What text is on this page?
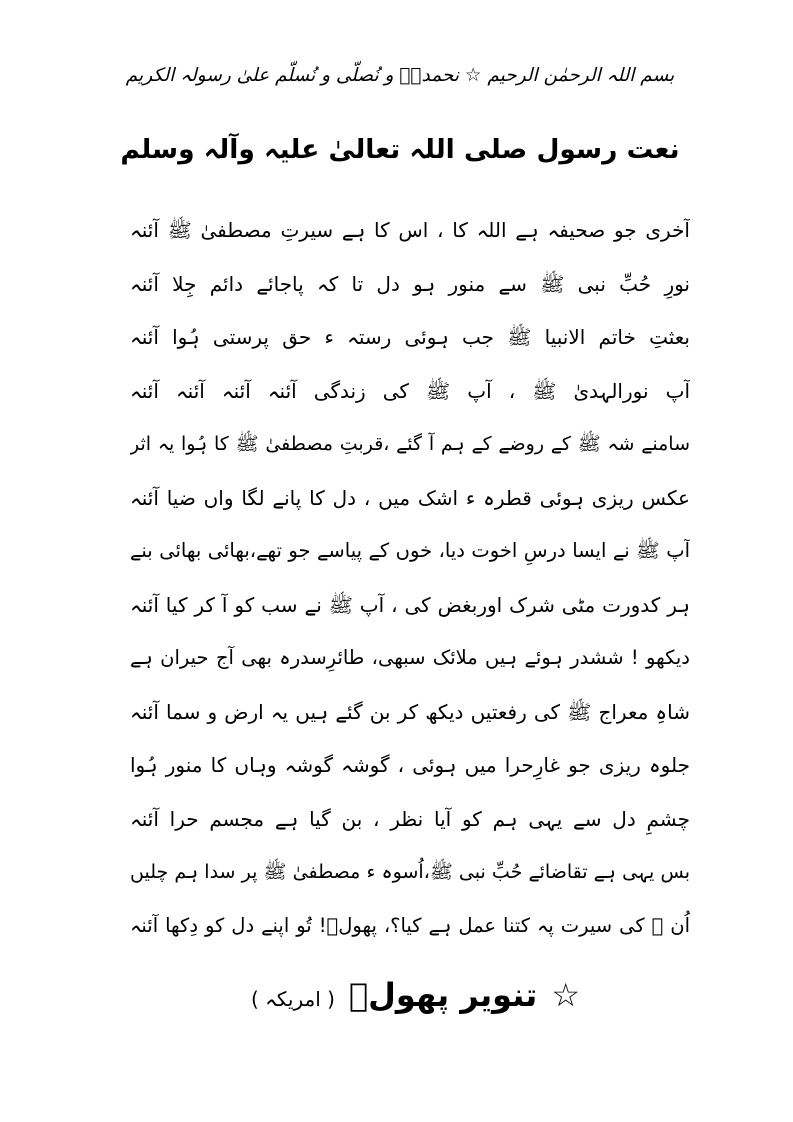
بسم اللہ الرحمٰن الرحیم ☆ نحمدہٗ و نُصلّی و نُسلّم علیٰ رسولہ الکریم
نعت رسول صلی اللہ تعالیٰ علیہ وآلہ وسلم
آخری جو صحیفہ ہے اللہ کا ، اس کا ہے سیرتِ مصطفیٰ ﷺ آئنہ
نورِ حُبِّ نبی ﷺ سے منور ہو دل تا کہ پاجائے دائم جِلا آئنہ
بعثتِ خاتم الانبیا ﷺ جب ہوئی رستہ ء حق پرستی ہُوا آئنہ
آپ نورالہدیٰ ﷺ ، آپ ﷺ کی زندگی آئنہ آئنہ آئنہ آئنہ
سامنے شہ ﷺ کے روضے کے ہم آ گئے ،قربتِ مصطفیٰ ﷺ کا ہُوا یہ اثر
عکس ریزی ہوئی قطرہ ء اشک میں ، دل کا پانے لگا واں ضیا آئنہ
آپ ﷺ نے ایسا درسِ اخوت دیا، خوں کے پیاسے جو تھے،بھائی بھائی بنے
ہر کدورت مٹی شرک اوربغض کی ، آپ ﷺ نے سب کو آ کر کیا آئنہ
دیکھو ! ششدر ہوئے ہیں ملائک سبھی، طائرِسدرہ بھی آج حیران ہے
شاہِ معراج ﷺ کی رفعتیں دیکھ کر بن گئے ہیں یہ ارض و سما آئنہ
جلوہ ریزی جو غارِحرا میں ہوئی ، گوشہ گوشہ وہاں کا منور ہُوا
چشمِ دل سے یہی ہم کو آیا نظر ، بن گیا ہے مجسم حرا آئنہ
بس یہی ہے تقاضائے حُبِّ نبی ﷺ،اُسوہ ء مصطفیٰ ﷺ پر سدا ہم چلیں
اُن ﷺ کی سیرت پہ کتنا عمل ہے کیا؟، پھولؔ! تُو اپنے دل کو دِکھا آئنہ
☆
تنویر پھولؔ
( امریکہ )
